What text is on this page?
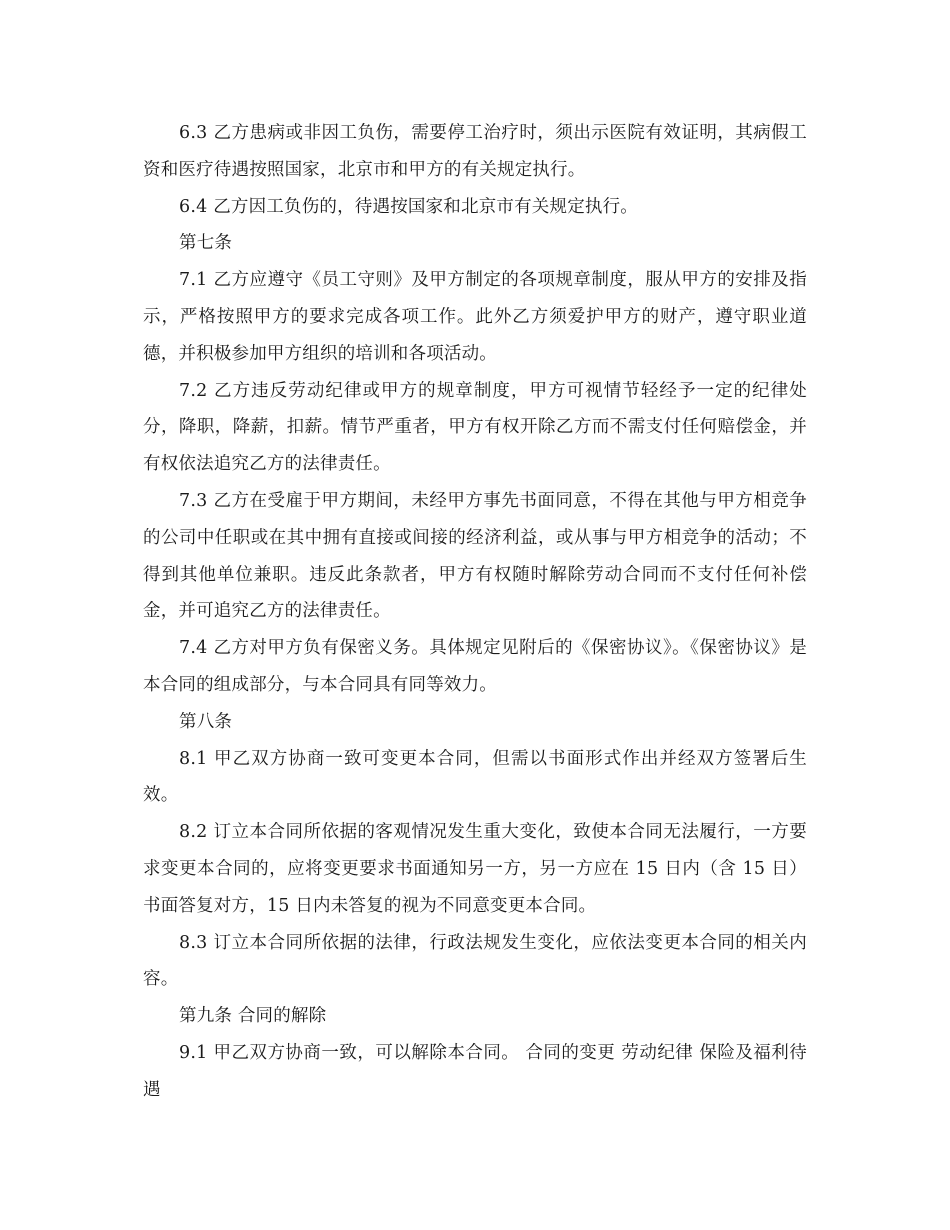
6.3 乙方患病或非因工负伤，需要停工治疗时，须出示医院有效证明，其病假工资和医疗待遇按照国家，北京市和甲方的有关规定执行。

6.4 乙方因工负伤的，待遇按国家和北京市有关规定执行。

第七条

7.1 乙方应遵守《员工守则》及甲方制定的各项规章制度，服从甲方的安排及指示，严格按照甲方的要求完成各项工作。此外乙方须爱护甲方的财产，遵守职业道德，并积极参加甲方组织的培训和各项活动。

7.2 乙方违反劳动纪律或甲方的规章制度，甲方可视情节轻经予一定的纪律处分，降职，降薪，扣薪。情节严重者，甲方有权开除乙方而不需支付任何赔偿金，并有权依法追究乙方的法律责任。

7.3 乙方在受雇于甲方期间，未经甲方事先书面同意，不得在其他与甲方相竞争的公司中任职或在其中拥有直接或间接的经济利益，或从事与甲方相竞争的活动；不得到其他单位兼职。违反此条款者，甲方有权随时解除劳动合同而不支付任何补偿金，并可追究乙方的法律责任。

7.4 乙方对甲方负有保密义务。具体规定见附后的《保密协议》。《保密协议》是本合同的组成部分，与本合同具有同等效力。

第八条

8.1 甲乙双方协商一致可变更本合同，但需以书面形式作出并经双方签署后生效。

8.2 订立本合同所依据的客观情况发生重大变化，致使本合同无法履行，一方要求变更本合同的，应将变更要求书面通知另一方，另一方应在 15 日内（含 15 日）书面答复对方，15 日内未答复的视为不同意变更本合同。

8.3 订立本合同所依据的法律，行政法规发生变化，应依法变更本合同的相关内容。

第九条 合同的解除

9.1 甲乙双方协商一致，可以解除本合同。 合同的变更 劳动纪律 保险及福利待遇
